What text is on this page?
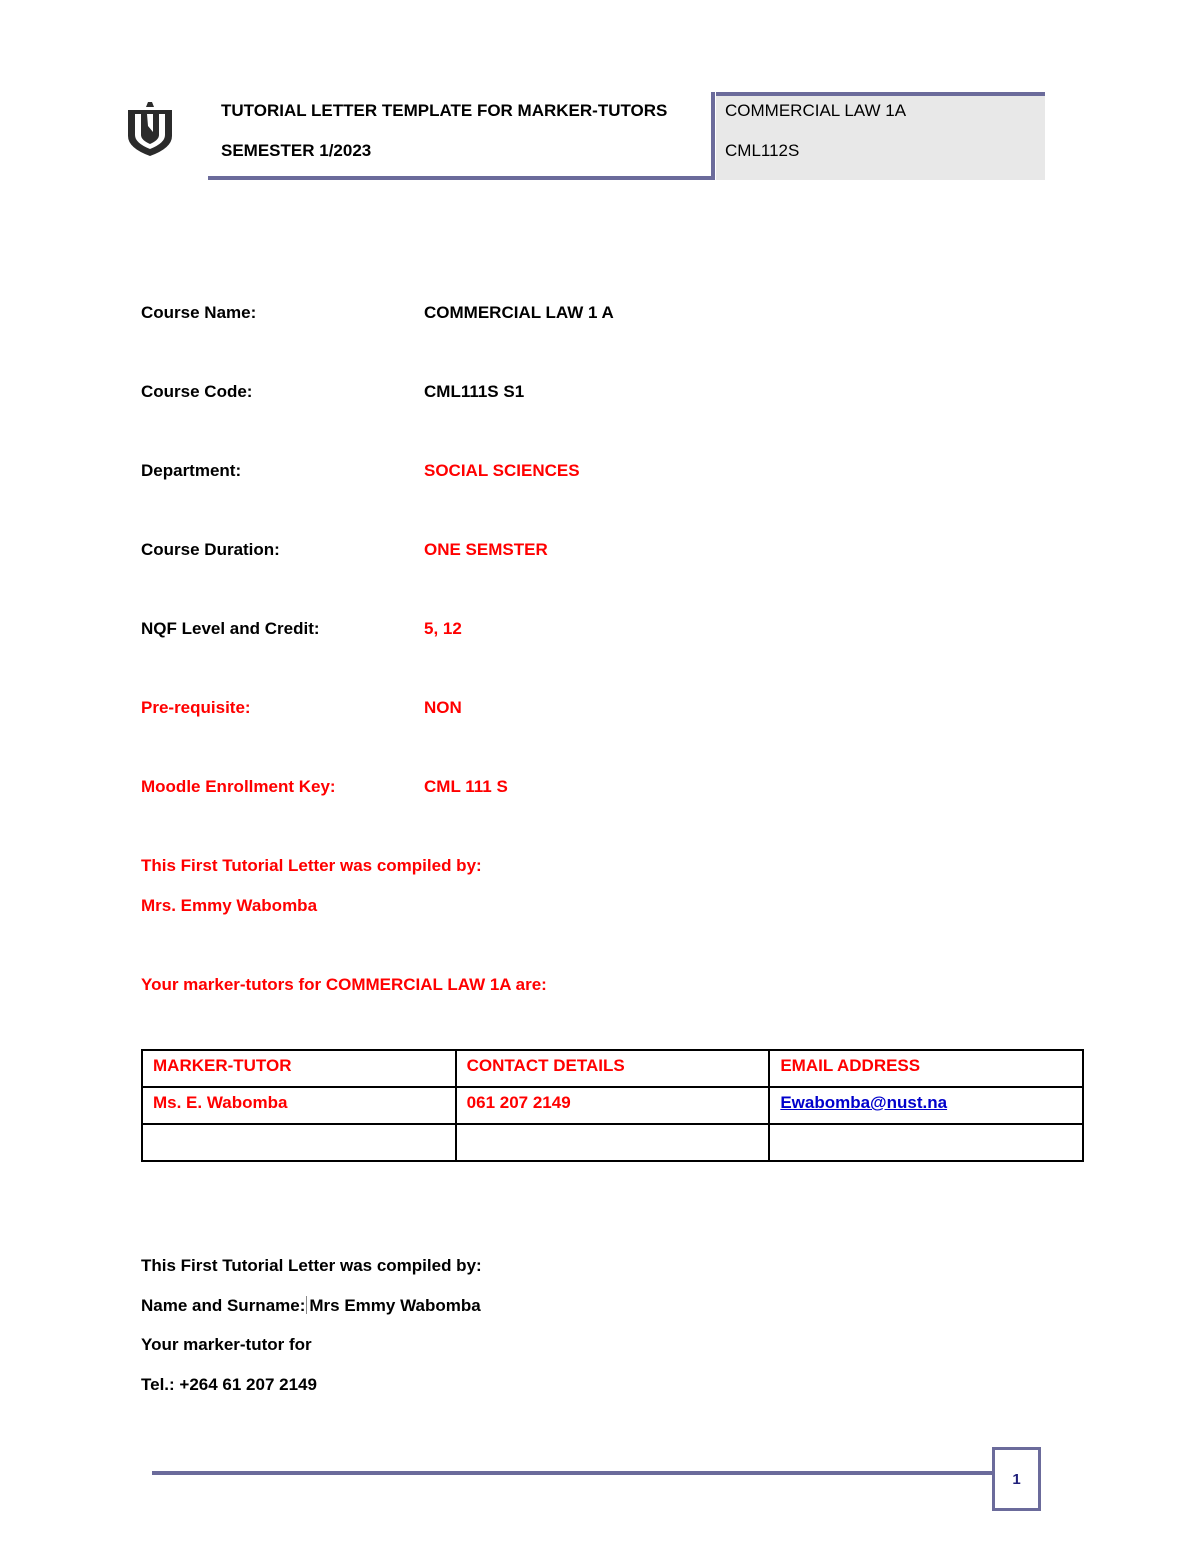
TUTORIAL LETTER TEMPLATE FOR MARKER-TUTORS
SEMESTER 1/2023
COMMERCIAL LAW 1A
CML112S
Course Name:	COMMERCIAL LAW 1 A
Course Code:	CML111S S1
Department:	SOCIAL SCIENCES
Course Duration:	ONE SEMSTER
NQF Level and Credit:	5, 12
Pre-requisite:	NON
Moodle Enrollment Key:	CML 111 S
This First Tutorial Letter was compiled by:
Mrs. Emmy Wabomba
Your marker-tutors for COMMERCIAL LAW 1A are:
MARKER-TUTOR	CONTACT DETAILS	EMAIL ADDRESS
Ms. E. Wabomba	061 207 2149	Ewabomba@nust.na

This First Tutorial Letter was compiled by:
Name and Surname: Mrs Emmy Wabomba
Your marker-tutor for
Tel.: +264 61 207 2149
1
